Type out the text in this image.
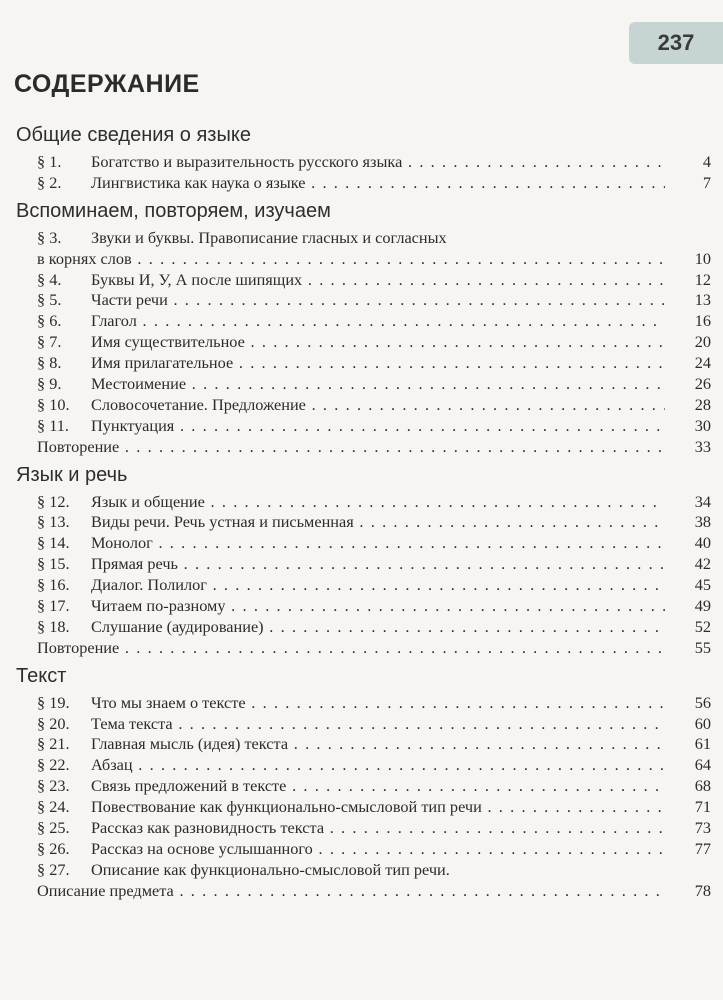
237
СОДЕРЖАНИЕ
Общие сведения о языке
§ 1. Богатство и выразительность русского языка . . .	4
§ 2. Лингвистика как наука о языке . . .	7
Вспоминаем, повторяем, изучаем
§ 3. Звуки и буквы. Правописание гласных и согласных
в корнях слов . . .	10
§ 4. Буквы И, У, А после шипящих . . .	12
§ 5. Части речи . . .	13
§ 6. Глагол . . .	16
§ 7. Имя существительное . . .	20
§ 8. Имя прилагательное . . .	24
§ 9. Местоимение . . .	26
§ 10. Словосочетание. Предложение . . .	28
§ 11. Пунктуация . . .	30
Повторение . . .	33
Язык и речь
§ 12. Язык и общение . . .	34
§ 13. Виды речи. Речь устная и письменная . . .	38
§ 14. Монолог . . .	40
§ 15. Прямая речь . . .	42
§ 16. Диалог. Полилог . . .	45
§ 17. Читаем по-разному . . .	49
§ 18. Слушание (аудирование) . . .	52
Повторение . . .	55
Текст
§ 19. Что мы знаем о тексте . . .	56
§ 20. Тема текста . . .	60
§ 21. Главная мысль (идея) текста . . .	61
§ 22. Абзац . . .	64
§ 23. Связь предложений в тексте . . .	68
§ 24. Повествование как функционально-смысловой тип речи . . .	71
§ 25. Рассказ как разновидность текста . . .	73
§ 26. Рассказ на основе услышанного . . .	77
§ 27. Описание как функционально-смысловой тип речи.
Описание предмета . . .	78
